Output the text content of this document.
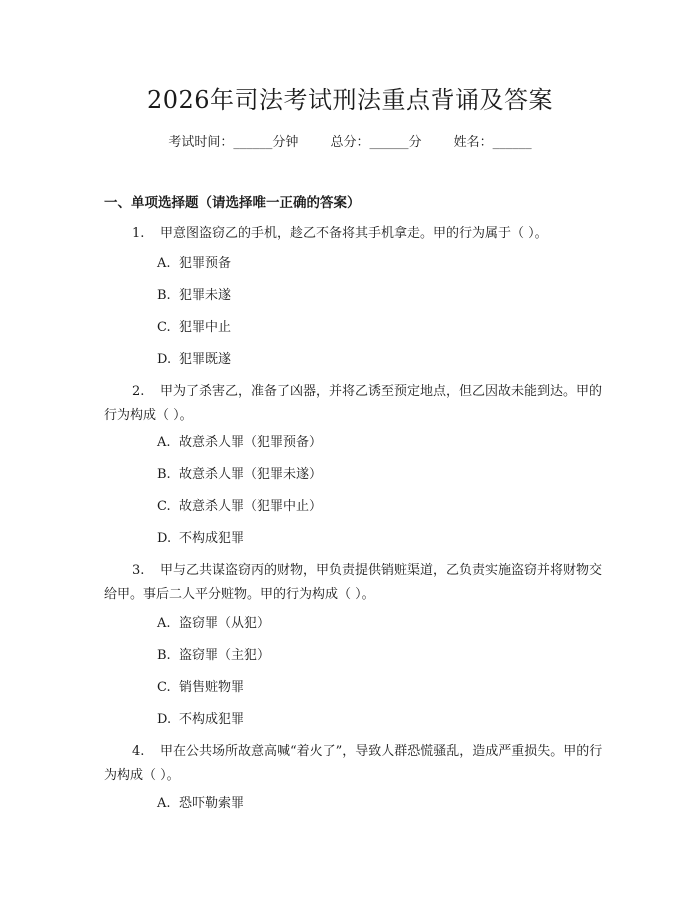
2026年司法考试刑法重点背诵及答案
考试时间：______分钟 总分：______分 姓名：______
一、单项选择题（请选择唯一正确的答案）
1. 甲意图盗窃乙的手机，趁乙不备将其手机拿走。甲的行为属于（ ）。
A. 犯罪预备
B. 犯罪未遂
C. 犯罪中止
D. 犯罪既遂
2. 甲为了杀害乙，准备了凶器，并将乙诱至预定地点，但乙因故未能到达。甲的行为构成（ ）。
A. 故意杀人罪（犯罪预备）
B. 故意杀人罪（犯罪未遂）
C. 故意杀人罪（犯罪中止）
D. 不构成犯罪
3. 甲与乙共谋盗窃丙的财物，甲负责提供销赃渠道，乙负责实施盗窃并将财物交给甲。事后二人平分赃物。甲的行为构成（ ）。
A. 盗窃罪（从犯）
B. 盗窃罪（主犯）
C. 销售赃物罪
D. 不构成犯罪
4. 甲在公共场所故意高喊“着火了”，导致人群恐慌骚乱，造成严重损失。甲的行为构成（ ）。
A. 恐吓勒索罪
